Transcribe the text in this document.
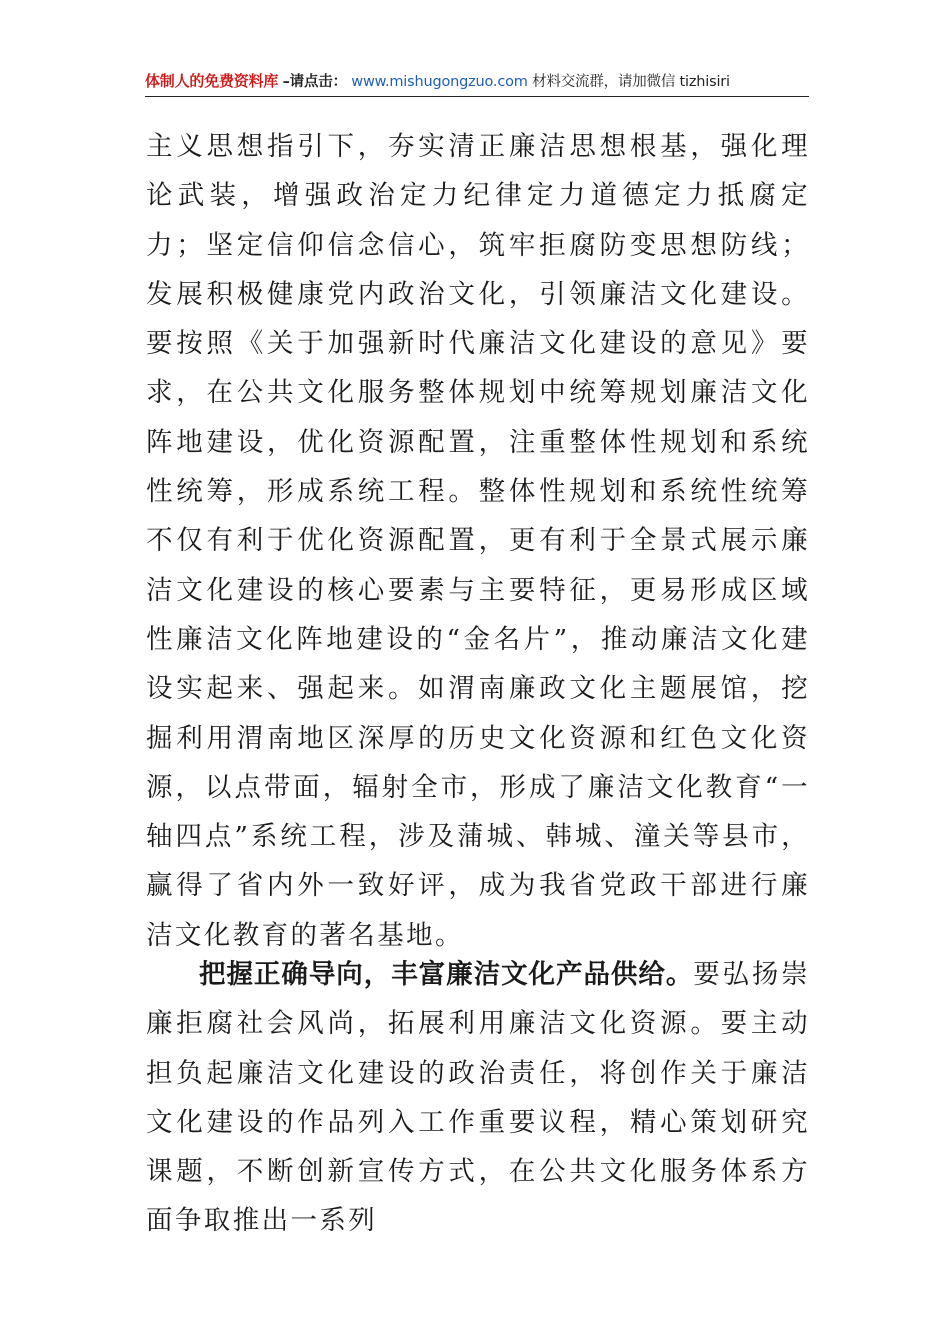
体制人的免费资料库 –请点击： www.mishugongzuo.com 材料交流群，请加微信 tizhisiri

主义思想指引下，夯实清正廉洁思想根基，强化理论武装，增强政治定力纪律定力道德定力抵腐定力；坚定信仰信念信心，筑牢拒腐防变思想防线；发展积极健康党内政治文化，引领廉洁文化建设。要按照《关于加强新时代廉洁文化建设的意见》要求，在公共文化服务整体规划中统筹规划廉洁文化阵地建设，优化资源配置，注重整体性规划和系统性统筹，形成系统工程。整体性规划和系统性统筹不仅有利于优化资源配置，更有利于全景式展示廉洁文化建设的核心要素与主要特征，更易形成区域性廉洁文化阵地建设的“金名片”，推动廉洁文化建设实起来、强起来。如渭南廉政文化主题展馆，挖掘利用渭南地区深厚的历史文化资源和红色文化资源，以点带面，辐射全市，形成了廉洁文化教育“一轴四点”系统工程，涉及蒲城、韩城、潼关等县市，赢得了省内外一致好评，成为我省党政干部进行廉洁文化教育的著名基地。

把握正确导向，丰富廉洁文化产品供给。要弘扬崇廉拒腐社会风尚，拓展利用廉洁文化资源。要主动担负起廉洁文化建设的政治责任，将创作关于廉洁文化建设的作品列入工作重要议程，精心策划研究课题，不断创新宣传方式，在公共文化服务体系方面争取推出一系列
